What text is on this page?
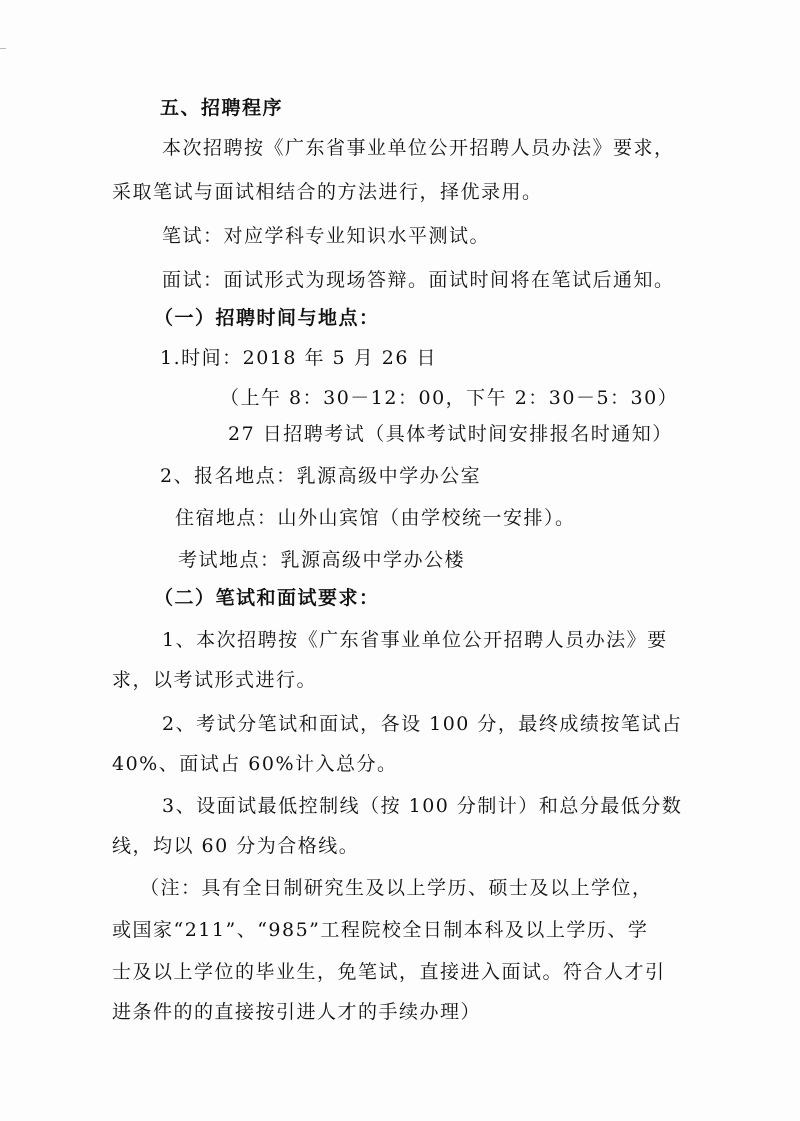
五、招聘程序
本次招聘按《广东省事业单位公开招聘人员办法》要求，
采取笔试与面试相结合的方法进行，择优录用。
笔试：对应学科专业知识水平测试。
面试：面试形式为现场答辩。面试时间将在笔试后通知。
（一）招聘时间与地点：
1.时间：2018 年 5 月 26 日
（上午 8：30－12：00，下午 2：30－5：30）
27 日招聘考试（具体考试时间安排报名时通知）
2、报名地点：乳源高级中学办公室
住宿地点：山外山宾馆（由学校统一安排）。
考试地点：乳源高级中学办公楼
（二）笔试和面试要求：
1、本次招聘按《广东省事业单位公开招聘人员办法》要
求，以考试形式进行。
2、考试分笔试和面试，各设 100 分，最终成绩按笔试占
40%、面试占 60%计入总分。
3、设面试最低控制线（按 100 分制计）和总分最低分数
线，均以 60 分为合格线。
（注：具有全日制研究生及以上学历、硕士及以上学位，
或国家“211”、“985”工程院校全日制本科及以上学历、学
士及以上学位的毕业生，免笔试，直接进入面试。符合人才引
进条件的的直接按引进人才的手续办理）
